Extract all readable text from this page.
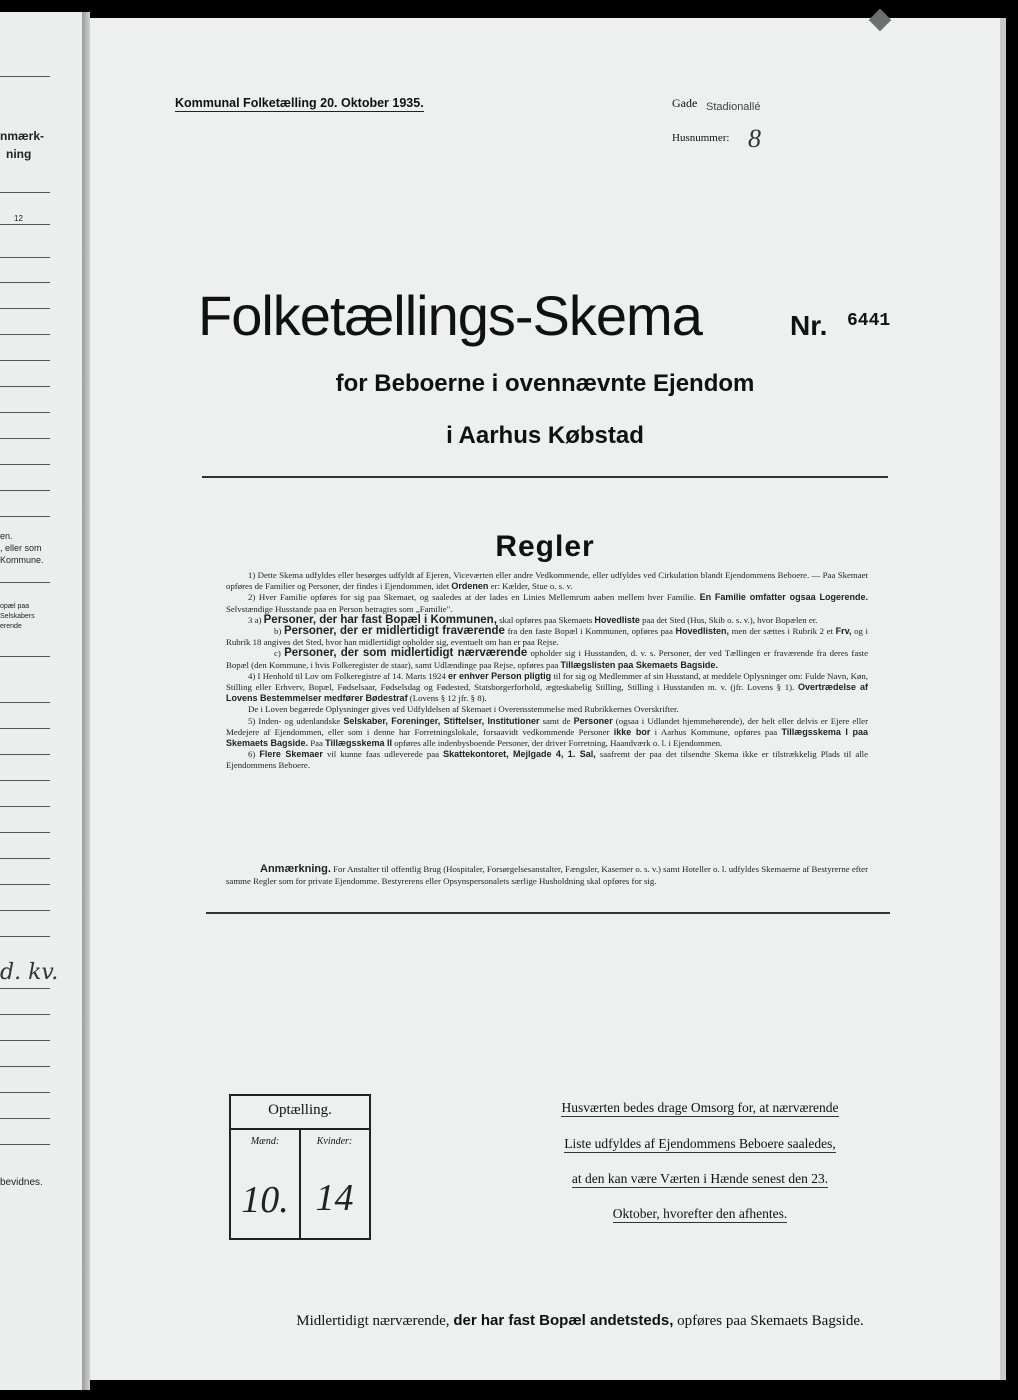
nmærk-
ning
12
en.
, eller som
Kommune.
opæl paa
Selskabers
erende
d. kv.
bevidnes.
Kommunal Folketælling 20. Oktober 1935.	Gade Stadionallé
Husnummer: 8
Folketællings-Skema	Nr. 6441
for Beboerne i ovennævnte Ejendom
i Aarhus Købstad
Regler

1) Dette Skema udfyldes eller besørges udfyldt af Ejeren, Viceværten eller andre Vedkommende, eller udfyldes ved Cirkulation blandt Ejendommens Beboere. — Paa Skemaet opføres de Familier og Personer, der findes i Ejendommen, idet Ordenen er: Kælder, Stue o. s. v.

2) Hver Familie opføres for sig paa Skemaet, og saaledes at der lades en Linies Mellemrum aaben mellem hver Familie. En Familie omfatter ogsaa Logerende. Selvstændige Husstande paa en Person betragtes som „Familie".

3 a) Personer, der har fast Bopæl i Kommunen, skal opføres paa Skemaets Hovedliste paa det Sted (Hus, Skib o. s. v.), hvor Bopælen er.

b) Personer, der er midlertidigt fraværende fra den faste Bopæl i Kommunen, opføres paa Hovedlisten, men der sættes i Rubrik 2 et Frv, og i Rubrik 18 angives det Sted, hvor han midlertidigt opholder sig, eventuelt om han er paa Rejse.

c) Personer, der som midlertidigt nærværende opholder sig i Husstanden, d. v. s. Personer, der ved Tællingen er fraværende fra deres faste Bopæl (den Kommune, i hvis Folkeregister de staar), samt Udlændinge paa Rejse, opføres paa Tillægslisten paa Skemaets Bagside.

4) I Henhold til Lov om Folkeregistre af 14. Marts 1924 er enhver Person pligtig til for sig og Medlemmer af sin Husstand, at meddele Oplysninger om: Fulde Navn, Køn, Stilling eller Erhverv, Bopæl, Fødselsaar, Fødselsdag og Fødested, Statsborgerforhold, ægteskabelig Stilling, Stilling i Husstanden m. v. (jfr. Lovens § 1). Overtrædelse af Lovens Bestemmelser medfører Bødestraf (Lovens § 12 jfr. § 8).

De i Loven begærede Oplysninger gives ved Udfyldelsen af Skemaet i Overensstemmelse med Rubrikkernes Overskrifter.

5) Inden- og udenlandske Selskaber, Foreninger, Stiftelser, Institutioner samt de Personer (ogsaa i Udlandet hjemmehørende), der helt eller delvis er Ejere eller Medejere af Ejendommen, eller som i denne har Forretningslokale, forsaavidt vedkommende Personer ikke bor i Aarhus Kommune, opføres paa Tillægsskema I paa Skemaets Bagside. Paa Tillægsskema II opføres alle indenbysboende Personer, der driver Forretning, Haandværk o. l. i Ejendommen.

6) Flere Skemaer vil kunne faas udleverede paa Skattekontoret, Mejlgade 4, 1. Sal, saafremt der paa det tilsendte Skema ikke er tilstrækkelig Plads til alle Ejendommens Beboere.

Anmærkning. For Anstalter til offentlig Brug (Hospitaler, Forsørgelsesanstalter, Fængsler, Kaserner o. s. v.) samt Hoteller o. l. udfyldes Skemaerne af Bestyrerne efter samme Regler som for private Ejendomme. Bestyrerens eller Opsynspersonalets særlige Husholdning skal opføres for sig.

Optælling.
Mænd:	Kvinder:
10. 14
Husværten bedes drage Omsorg for, at nærværende
Liste udfyldes af Ejendommens Beboere saaledes,
at den kan være Værten i Hænde senest den 23.
Oktober, hvorefter den afhentes.
Midlertidigt nærværende, der har fast Bopæl andetsteds, opføres paa Skemaets Bagside.
